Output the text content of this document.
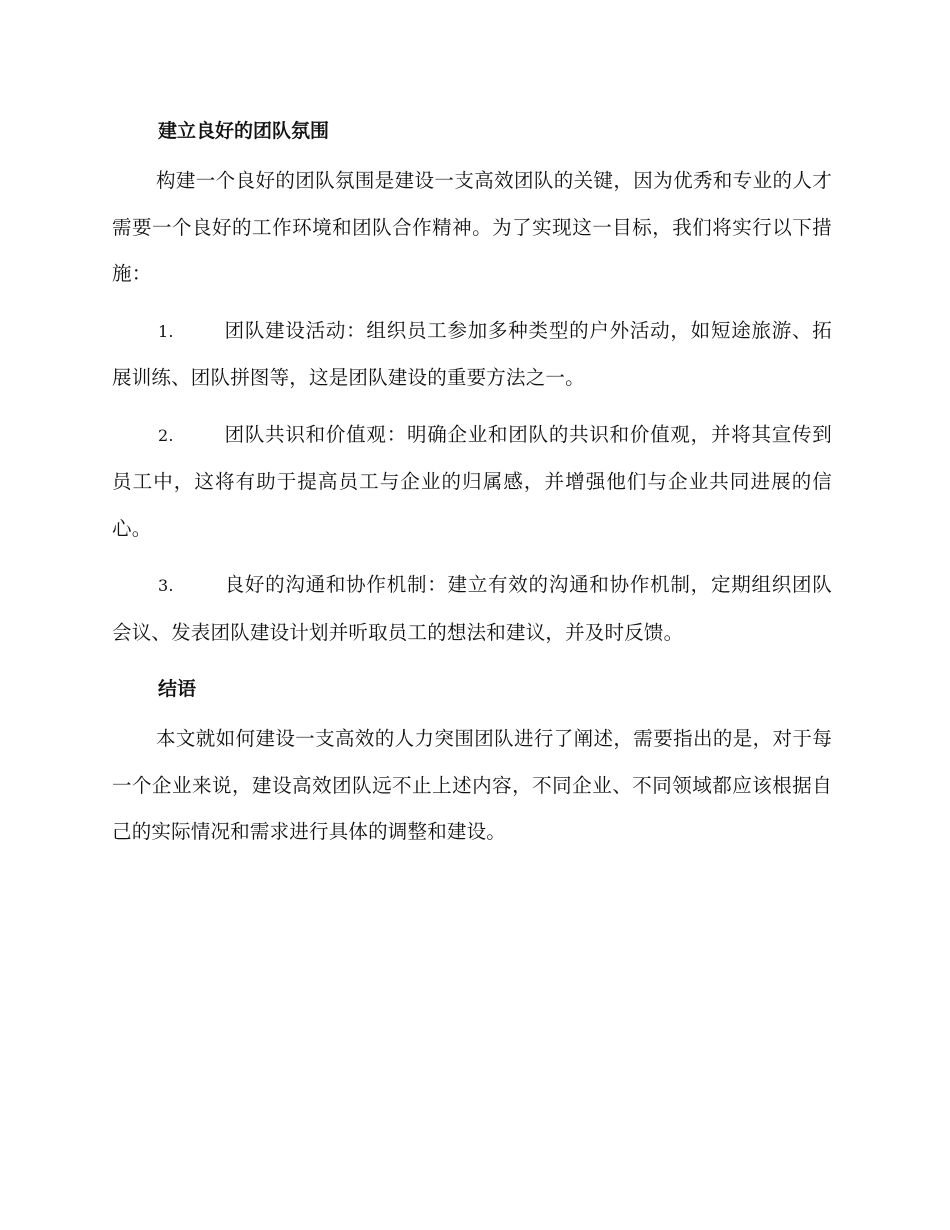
建立良好的团队氛围

构建一个良好的团队氛围是建设一支高效团队的关键，因为优秀和专业的人才需要一个良好的工作环境和团队合作精神。为了实现这一目标，我们将实行以下措施：

1.	团队建设活动：组织员工参加多种类型的户外活动，如短途旅游、拓展训练、团队拼图等，这是团队建设的重要方法之一。
2.	团队共识和价值观：明确企业和团队的共识和价值观，并将其宣传到员工中，这将有助于提高员工与企业的归属感，并增强他们与企业共同进展的信心。
3.	良好的沟通和协作机制：建立有效的沟通和协作机制，定期组织团队会议、发表团队建设计划并听取员工的想法和建议，并及时反馈。
结语

本文就如何建设一支高效的人力突围团队进行了阐述，需要指出的是，对于每一个企业来说，建设高效团队远不止上述内容，不同企业、不同领域都应该根据自己的实际情况和需求进行具体的调整和建设。
